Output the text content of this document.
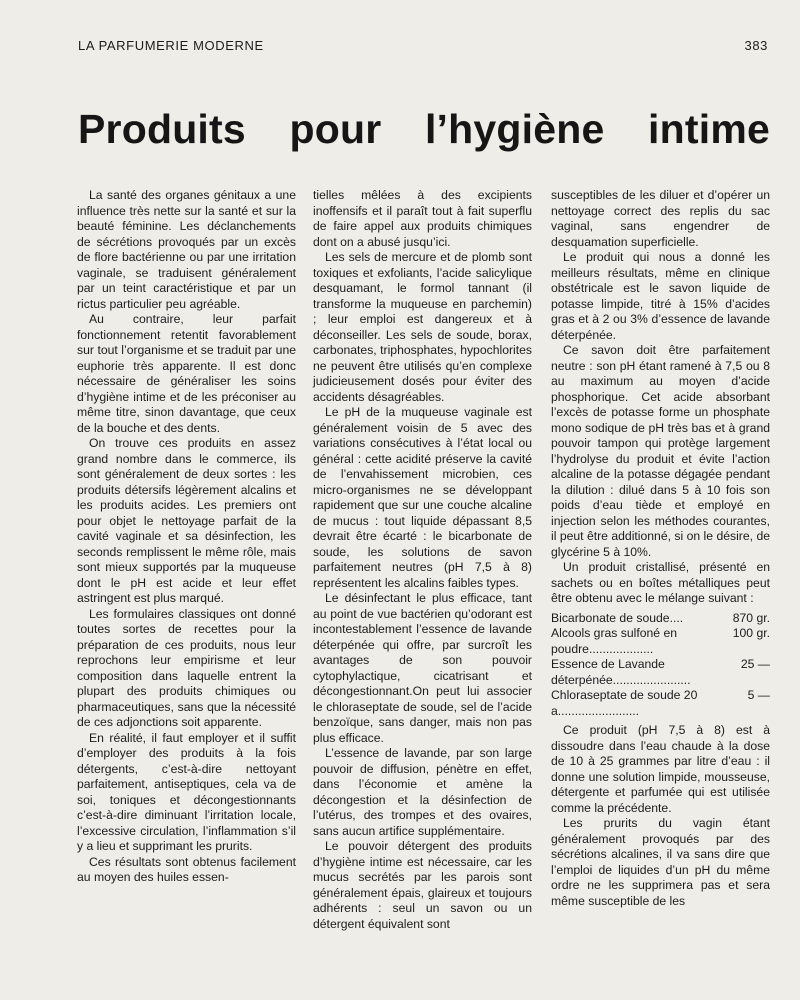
LA PARFUMERIE MODERNE	383
Produits pour l’hygiène intime

La santé des organes génitaux a une influence très nette sur la santé et sur la beauté féminine. Les déclanchements de sécrétions provoqués par un excès de flore bactérienne ou par une irritation vaginale, se traduisent généralement par un teint caractéristique et par un rictus particulier peu agréable.

Au contraire, leur parfait fonctionnement retentit favorablement sur tout l’organisme et se traduit par une euphorie très apparente. Il est donc nécessaire de généraliser les soins d’hygiène intime et de les préconiser au même titre, sinon davantage, que ceux de la bouche et des dents.

On trouve ces produits en assez grand nombre dans le commerce, ils sont généralement de deux sortes : les produits détersifs légèrement alcalins et les produits acides. Les premiers ont pour objet le nettoyage parfait de la cavité vaginale et sa désinfection, les seconds remplissent le même rôle, mais sont mieux supportés par la muqueuse dont le pH est acide et leur effet astringent est plus marqué.

Les formulaires classiques ont donné toutes sortes de recettes pour la préparation de ces produits, nous leur reprochons leur empirisme et leur composition dans laquelle entrent la plupart des produits chimiques ou pharmaceutiques, sans que la nécessité de ces adjonctions soit apparente.

En réalité, il faut employer et il suffit d’employer des produits à la fois détergents, c’est-à-dire nettoyant parfaitement, antiseptiques, cela va de soi, toniques et décongestionnants c’est-à-dire diminuant l’irritation locale, l’excessive circulation, l’inflammation s’il y a lieu et supprimant les prurits.

Ces résultats sont obtenus facilement au moyen des huiles essen-

tielles mêlées à des excipients inoffensifs et il paraît tout à fait superflu de faire appel aux produits chimiques dont on a abusé jusqu’ici.

Les sels de mercure et de plomb sont toxiques et exfoliants, l’acide salicylique desquamant, le formol tannant (il transforme la muqueuse en parchemin) ; leur emploi est dangereux et à déconseiller. Les sels de soude, borax, carbonates, triphosphates, hypochlorites ne peuvent être utilisés qu’en complexe judicieusement dosés pour éviter des accidents désagréables.

Le pH de la muqueuse vaginale est généralement voisin de 5 avec des variations consécutives à l’état local ou général : cette acidité préserve la cavité de l’envahissement microbien, ces micro-organismes ne se développant rapidement que sur une couche alcaline de mucus : tout liquide dépassant 8,5 devrait être écarté : le bicarbonate de soude, les solutions de savon parfaitement neutres (pH 7,5 à 8) représentent les alcalins faibles types.

Le désinfectant le plus efficace, tant au point de vue bactérien qu’odorant est incontestablement l’essence de lavande déterpénée qui offre, par surcroît les avantages de son pouvoir cytophylactique, cicatrisant et décongestionnant.On peut lui associer le chloraseptate de soude, sel de l’acide benzoïque, sans danger, mais non pas plus efficace.

L’essence de lavande, par son large pouvoir de diffusion, pénètre en effet, dans l’économie et amène la décongestion et la désinfection de l’utérus, des trompes et des ovaires, sans aucun artifice supplémentaire.

Le pouvoir détergent des produits d’hygiène intime est nécessaire, car les mucus secrétés par les parois sont généralement épais, glaireux et toujours adhérents : seul un savon ou un détergent équivalent sont

susceptibles de les diluer et d’opérer un nettoyage correct des replis du sac vaginal, sans engendrer de desquamation superficielle.

Le produit qui nous a donné les meilleurs résultats, même en clinique obstétricale est le savon liquide de potasse limpide, titré à 15% d’acides gras et à 2 ou 3% d’essence de lavande déterpénée.

Ce savon doit être parfaitement neutre : son pH étant ramené à 7,5 ou 8 au maximum au moyen d’acide phosphorique. Cet acide absorbant l’excès de potasse forme un phosphate mono sodique de pH très bas et à grand pouvoir tampon qui protège largement l’hydrolyse du produit et évite l’action alcaline de la potasse dégagée pendant la dilution : dilué dans 5 à 10 fois son poids d’eau tiède et employé en injection selon les méthodes courantes, il peut être additionné, si on le désire, de glycérine 5 à 10%.

Un produit cristallisé, présenté en sachets ou en boîtes métalliques peut être obtenu avec le mélange suivant :

Bicarbonate de soude....	870 gr.
Alcools gras sulfoné en poudre...................
100 gr.
Essence de Lavande déterpénée.......................
25 —
Chloraseptate de soude 20 a........................
5 —

Ce produit (pH 7,5 à 8) est à dissoudre dans l’eau chaude à la dose de 10 à 25 grammes par litre d’eau : il donne une solution limpide, mousseuse, détergente et parfumée qui est utilisée comme la précédente.

Les prurits du vagin étant généralement provoqués par des sécrétions alcalines, il va sans dire que l’emploi de liquides d’un pH du même ordre ne les supprimera pas et sera même susceptible de les
